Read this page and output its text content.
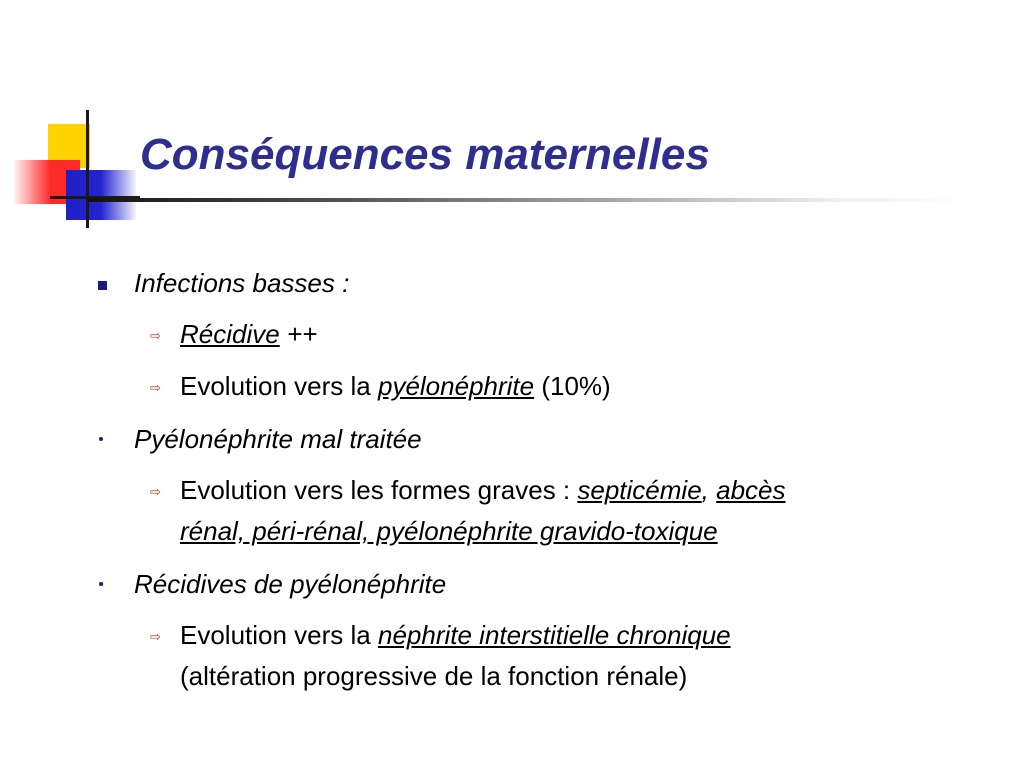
Conséquences maternelles
Infections basses :
⇨ Récidive ++
⇨ Evolution vers la pyélonéphrite (10%)
Pyélonéphrite mal traitée
⇨ Evolution vers les formes graves : septicémie, abcès
rénal, péri-rénal, pyélonéphrite gravido-toxique
Récidives de pyélonéphrite
⇨ Evolution vers la néphrite interstitielle chronique
(altération progressive de la fonction rénale)
